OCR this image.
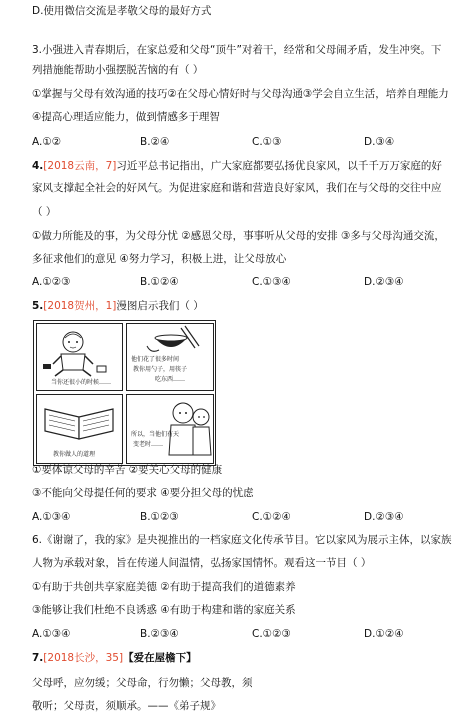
D.使用微信交流是孝敬父母的最好方式
3.小强进入青春期后，在家总爱和父母“顶牛”对着干，经常和父母闹矛盾，发生冲突。下
列措施能帮助小强摆脱苦恼的有（ ）
①掌握与父母有效沟通的技巧②在父母心情好时与父母沟通③学会自立生活，培养自理能力
④提高心理适应能力，做到情感多于理智
A.①②	B.②④	C.①③	D.③④
4.[2018云南，7]习近平总书记指出，广大家庭都要弘扬优良家风，以千千万万家庭的好
家风支撑起全社会的好风气。为促进家庭和谐和营造良好家风，我们在与父母的交往中应
（ ）
①做力所能及的事，为父母分忧 ②感恩父母，事事听从父母的安排 ③多与父母沟通交流，
多征求他们的意见 ④努力学习，积极上进，让父母放心
A.①②③	B.①②④	C.①③④	D.②③④
5.[2018贺州，1]漫图启示我们（ ）
当你还很小的时候……
他们花了很多时间
教你用勺子，用筷子
吃东西……
教你做人的道理
所以，当他们有天
变老时……
①要体谅父母的辛苦 ②要关心父母的健康
③不能向父母提任何的要求 ④要分担父母的忧虑
A.①③④	B.①②③	C.①②④	D.②③④
6.《谢谢了，我的家》是央视推出的一档家庭文化传承节目。它以家风为展示主体，以家族
人物为承载对象，旨在传递人间温情，弘扬家国情怀。观看这一节目（ ）
①有助于共创共享家庭美德 ②有助于提高我们的道德素养
③能够让我们杜绝不良诱惑 ④有助于构建和谐的家庭关系
A.①③④	B.②③④	C.①②③	D.①②④
7.[2018长沙，35]【爱在屋檐下】
父母呼，应勿缓；父母命，行勿懒；父母教，须
敬听；父母责，须顺承。——《弟子规》
